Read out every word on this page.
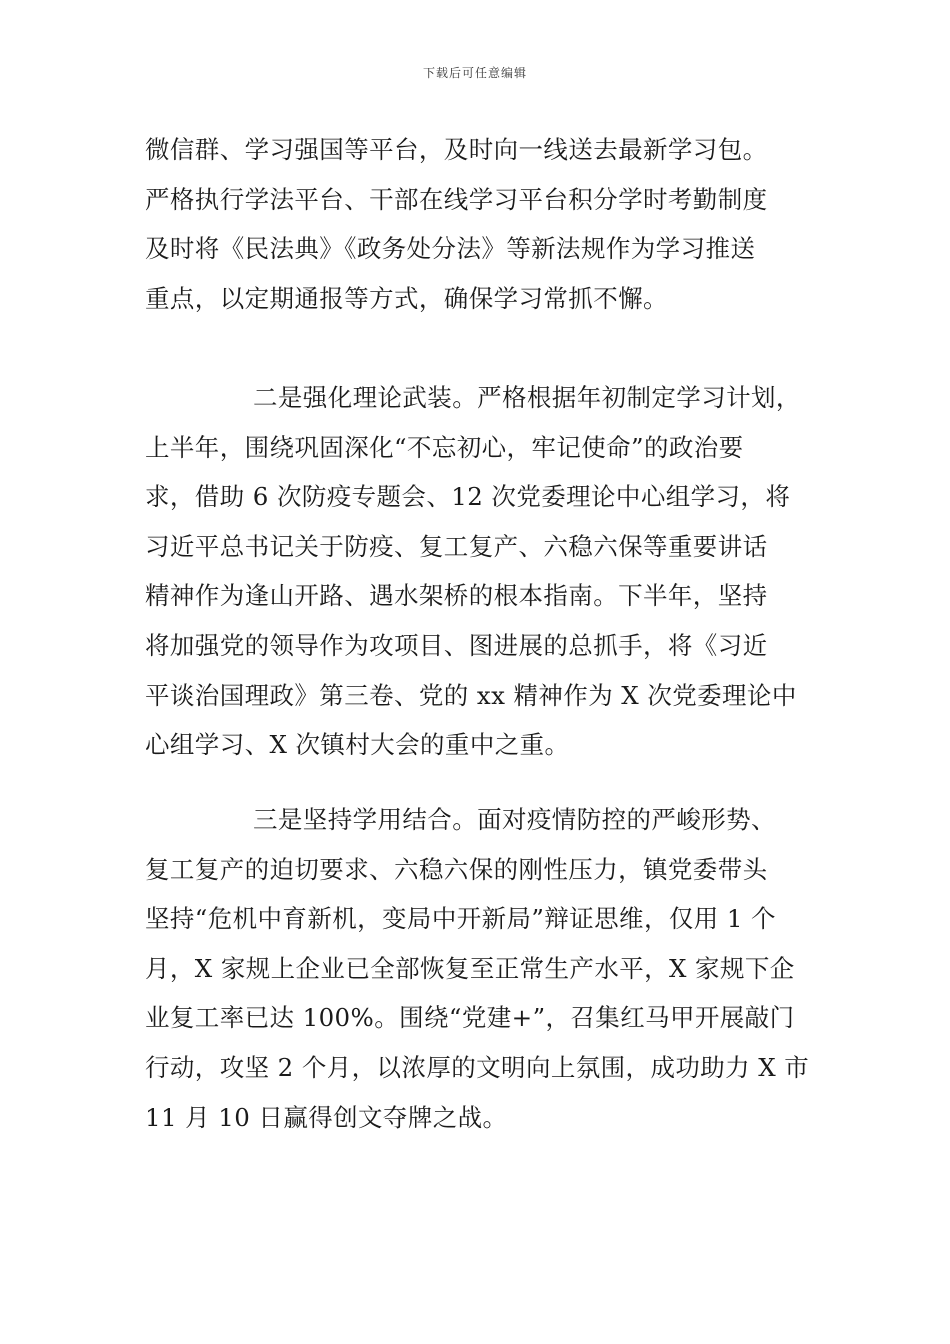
下载后可任意编辑
微信群、学习强国等平台，及时向一线送去最新学习包。
严格执行学法平台、干部在线学习平台积分学时考勤制度
及时将《民法典》《政务处分法》等新法规作为学习推送
重点，以定期通报等方式，确保学习常抓不懈。
二是强化理论武装。严格根据年初制定学习计划，
上半年，围绕巩固深化“不忘初心，牢记使命”的政治要
求，借助 6 次防疫专题会、12 次党委理论中心组学习，将
习近平总书记关于防疫、复工复产、六稳六保等重要讲话
精神作为逢山开路、遇水架桥的根本指南。下半年，坚持
将加强党的领导作为攻项目、图进展的总抓手，将《习近
平谈治国理政》第三卷、党的 xx 精神作为 X 次党委理论中
心组学习、X 次镇村大会的重中之重。
三是坚持学用结合。面对疫情防控的严峻形势、
复工复产的迫切要求、六稳六保的刚性压力，镇党委带头
坚持“危机中育新机，变局中开新局”辩证思维，仅用 1 个
月，X 家规上企业已全部恢复至正常生产水平，X 家规下企
业复工率已达 100%。围绕“党建+”，召集红马甲开展敲门
行动，攻坚 2 个月，以浓厚的文明向上氛围，成功助力 X 市
11 月 10 日赢得创文夺牌之战。
